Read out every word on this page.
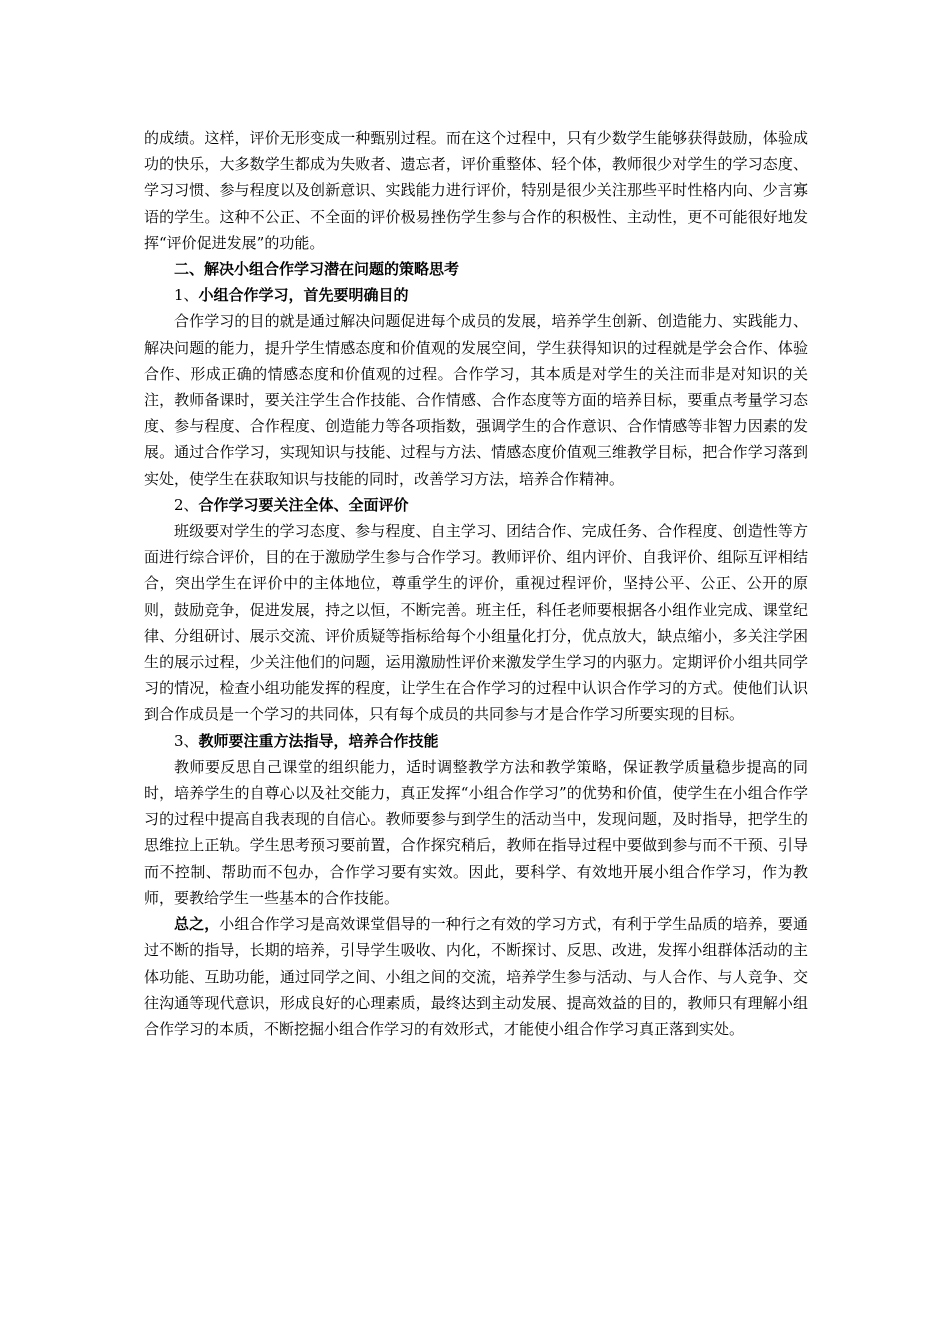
的成绩。这样，评价无形变成一种甄别过程。而在这个过程中，只有少数学生能够获得鼓励，体验成功的快乐，大多数学生都成为失败者、遗忘者，评价重整体、轻个体，教师很少对学生的学习态度、学习习惯、参与程度以及创新意识、实践能力进行评价，特别是很少关注那些平时性格内向、少言寡语的学生。这种不公正、不全面的评价极易挫伤学生参与合作的积极性、主动性，更不可能很好地发挥“评价促进发展”的功能。

二、解决小组合作学习潜在问题的策略思考

1、小组合作学习，首先要明确目的

合作学习的目的就是通过解决问题促进每个成员的发展，培养学生创新、创造能力、实践能力、解决问题的能力，提升学生情感态度和价值观的发展空间，学生获得知识的过程就是学会合作、体验合作、形成正确的情感态度和价值观的过程。合作学习，其本质是对学生的关注而非是对知识的关注，教师备课时，要关注学生合作技能、合作情感、合作态度等方面的培养目标，要重点考量学习态度、参与程度、合作程度、创造能力等各项指数，强调学生的合作意识、合作情感等非智力因素的发展。通过合作学习，实现知识与技能、过程与方法、情感态度价值观三维教学目标，把合作学习落到实处，使学生在获取知识与技能的同时，改善学习方法，培养合作精神。

2、合作学习要关注全体、全面评价

班级要对学生的学习态度、参与程度、自主学习、团结合作、完成任务、合作程度、创造性等方面进行综合评价，目的在于激励学生参与合作学习。教师评价、组内评价、自我评价、组际互评相结合，突出学生在评价中的主体地位，尊重学生的评价，重视过程评价，坚持公平、公正、公开的原则，鼓励竞争，促进发展，持之以恒，不断完善。班主任，科任老师要根据各小组作业完成、课堂纪律、分组研讨、展示交流、评价质疑等指标给每个小组量化打分，优点放大，缺点缩小，多关注学困生的展示过程，少关注他们的问题，运用激励性评价来激发学生学习的内驱力。定期评价小组共同学习的情况，检查小组功能发挥的程度，让学生在合作学习的过程中认识合作学习的方式。使他们认识到合作成员是一个学习的共同体，只有每个成员的共同参与才是合作学习所要实现的目标。

3、教师要注重方法指导，培养合作技能

教师要反思自己课堂的组织能力，适时调整教学方法和教学策略，保证教学质量稳步提高的同时，培养学生的自尊心以及社交能力，真正发挥“小组合作学习”的优势和价值，使学生在小组合作学习的过程中提高自我表现的自信心。教师要参与到学生的活动当中，发现问题，及时指导，把学生的思维拉上正轨。学生思考预习要前置，合作探究稍后，教师在指导过程中要做到参与而不干预、引导而不控制、帮助而不包办，合作学习要有实效。因此，要科学、有效地开展小组合作学习，作为教师，要教给学生一些基本的合作技能。

总之，小组合作学习是高效课堂倡导的一种行之有效的学习方式，有利于学生品质的培养，要通过不断的指导，长期的培养，引导学生吸收、内化，不断探讨、反思、改进，发挥小组群体活动的主体功能、互助功能，通过同学之间、小组之间的交流，培养学生参与活动、与人合作、与人竞争、交往沟通等现代意识，形成良好的心理素质，最终达到主动发展、提高效益的目的，教师只有理解小组合作学习的本质，不断挖掘小组合作学习的有效形式，才能使小组合作学习真正落到实处。
